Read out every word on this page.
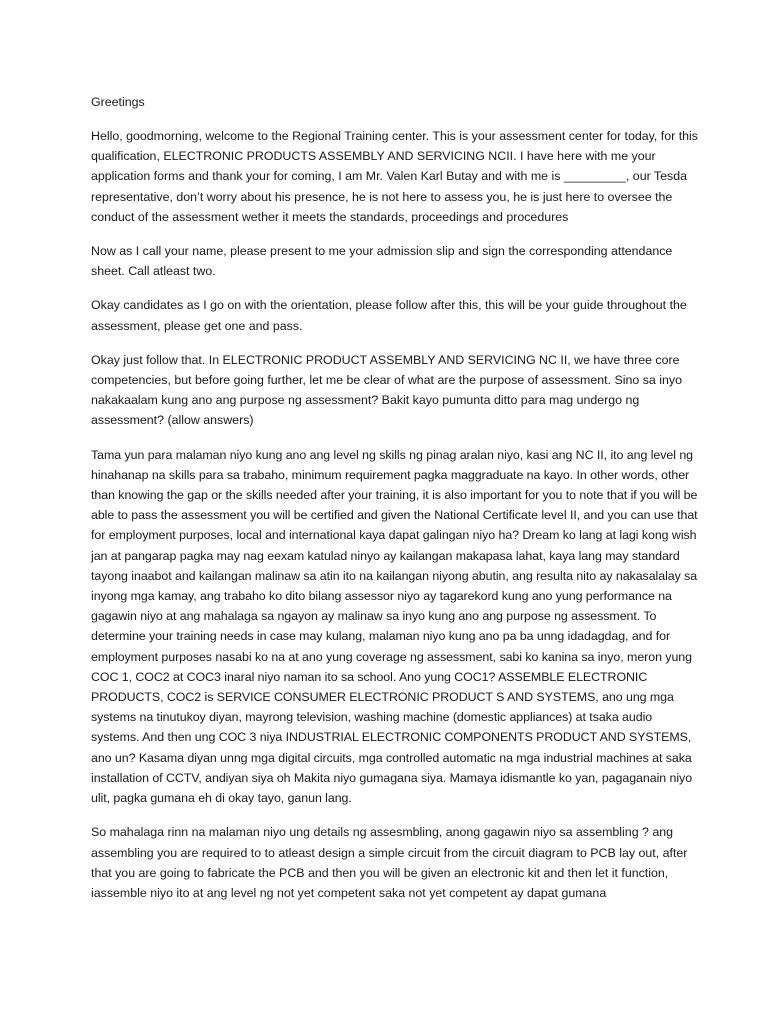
Greetings

Hello, goodmorning, welcome to the Regional Training center. This is your assessment center for today, for this qualification, ELECTRONIC PRODUCTS ASSEMBLY AND SERVICING NCII. I have here with me your application forms and thank your for coming, I am Mr. Valen Karl Butay and with me is _________, our Tesda representative, don’t worry about his presence, he is not here to assess you, he is just here to oversee the conduct of the assessment wether it meets the standards, proceedings and procedures

Now as I call your name, please present to me your admission slip and sign the corresponding attendance sheet. Call atleast two.

Okay candidates as I go on with the orientation, please follow after this, this will be your guide throughout the assessment, please get one and pass.

Okay just follow that. In ELECTRONIC PRODUCT ASSEMBLY AND SERVICING NC II, we have three core competencies, but before going further, let me be clear of what are the purpose of assessment. Sino sa inyo nakakaalam kung ano ang purpose ng assessment? Bakit kayo pumunta ditto para mag undergo ng assessment? (allow answers)

Tama yun para malaman niyo kung ano ang level ng skills ng pinag aralan niyo, kasi ang NC II, ito ang level ng hinahanap na skills para sa trabaho, minimum requirement pagka maggraduate na kayo. In other words, other than knowing the gap or the skills needed after your training, it is also important for you to note that if you will be able to pass the assessment you will be certified and given the National Certificate level II, and you can use that for employment purposes, local and international kaya dapat galingan niyo ha? Dream ko lang at lagi kong wish jan at pangarap pagka may nag eexam katulad ninyo ay kailangan makapasa lahat, kaya lang may standard tayong inaabot and kailangan malinaw sa atin ito na kailangan niyong abutin, ang resulta nito ay nakasalalay sa inyong mga kamay, ang trabaho ko dito bilang assessor niyo ay tagarekord kung ano yung performance na gagawin niyo at ang mahalaga sa ngayon ay malinaw sa inyo kung ano ang purpose ng assessment. To determine your training needs in case may kulang, malaman niyo kung ano pa ba unng idadagdag, and for employment purposes nasabi ko na at ano yung coverage ng assessment, sabi ko kanina sa inyo, meron yung COC 1, COC2 at COC3 inaral niyo naman ito sa school. Ano yung COC1? ASSEMBLE ELECTRONIC PRODUCTS, COC2 is SERVICE CONSUMER ELECTRONIC PRODUCT S AND SYSTEMS, ano ung mga systems na tinutukoy diyan, mayrong television, washing machine (domestic appliances) at tsaka audio systems. And then ung COC 3 niya INDUSTRIAL ELECTRONIC COMPONENTS PRODUCT AND SYSTEMS, ano un? Kasama diyan unng mga digital circuits, mga controlled automatic na mga industrial machines at saka installation of CCTV, andiyan siya oh Makita niyo gumagana siya. Mamaya idismantle ko yan, pagaganain niyo ulit, pagka gumana eh di okay tayo, ganun lang.

So mahalaga rinn na malaman niyo ung details ng assesmbling, anong gagawin niyo sa assembling ? ang assembling you are required to to atleast design a simple circuit from the circuit diagram to PCB lay out, after that you are going to fabricate the PCB and then you will be given an electronic kit and then let it function, iassemble niyo ito at ang level ng not yet competent saka not yet competent ay dapat gumana
